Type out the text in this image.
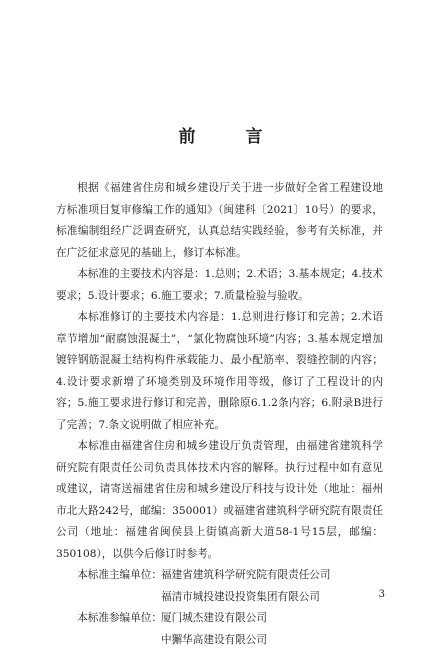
前 言

根据《福建省住房和城乡建设厅关于进一步做好全省工程建设地方标准项目复审修编工作的通知》（闽建科〔2021〕10号）的要求，标准编制组经广泛调查研究，认真总结实践经验，参考有关标准，并在广泛征求意见的基础上，修订本标准。

本标准的主要技术内容是：1.总则；2.术语；3.基本规定；4.技术要求；5.设计要求；6.施工要求；7.质量检验与验收。

本标准修订的主要技术内容是：1.总则进行修订和完善；2.术语章节增加“耐腐蚀混凝土”，“氯化物腐蚀环境”内容；3.基本规定增加镀锌钢筋混凝土结构构件承载能力、最小配筋率、裂缝控制的内容；4.设计要求新增了环境类别及环境作用等级，修订了工程设计的内容；5.施工要求进行修订和完善，删除原6.1.2条内容；6.附录B进行了完善；7.条文说明做了相应补充。

本标准由福建省住房和城乡建设厅负责管理，由福建省建筑科学研究院有限责任公司负责具体技术内容的解释。执行过程中如有意见或建议，请寄送福建省住房和城乡建设厅科技与设计处（地址：福州市北大路242号，邮编：350001）或福建省建筑科学研究院有限责任公司（地址：福建省闽侯县上街镇高新大道58-1号15层，邮编：350108），以供今后修订时参考。

本标准主编单位： 福建省建筑科学研究院有限责任公司
福清市城投建设投资集团有限公司
本标准参编单位： 厦门城杰建设有限公司
中獬华高建设有限公司
3
